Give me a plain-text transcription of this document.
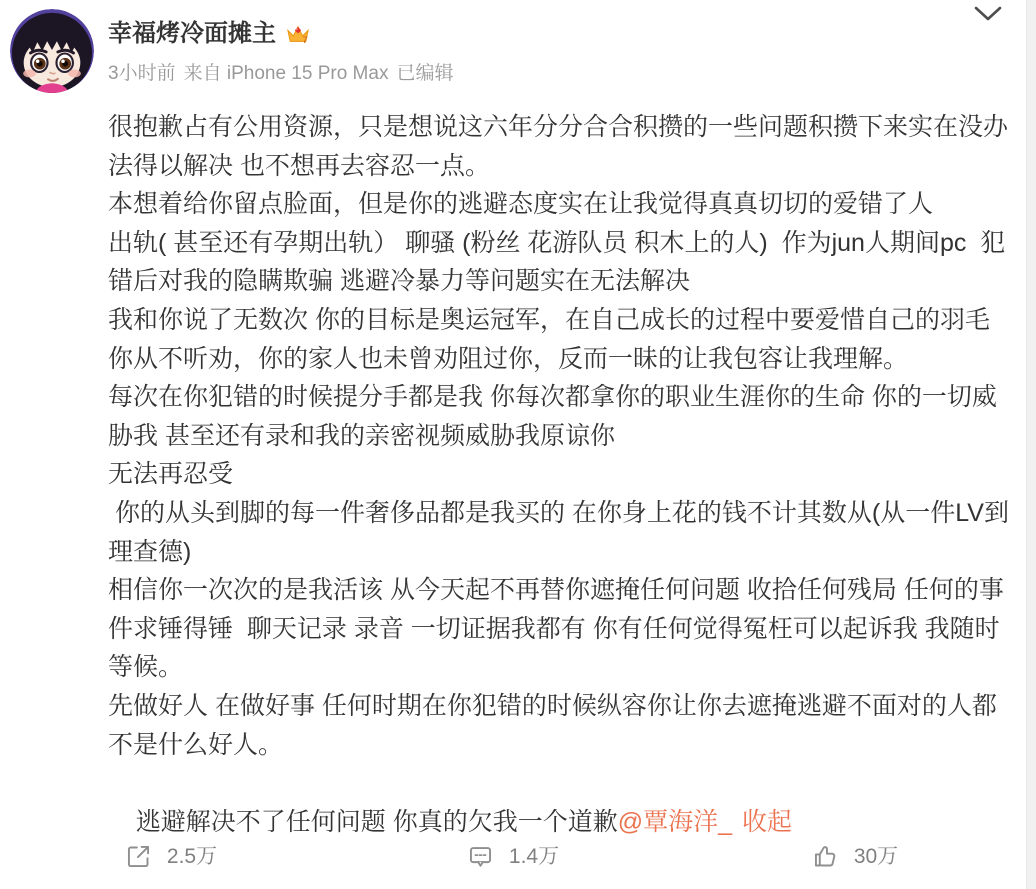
幸福烤冷面摊主	7
3小时前 来自 iPhone 15 Pro Max 已编辑
很抱歉占有公用资源，只是想说这六年分分合合积攒的一些问题积攒下来实在没办
法得以解决 也不想再去容忍一点。
本想着给你留点脸面，但是你的逃避态度实在让我觉得真真切切的爱错了人
出轨( 甚至还有孕期出轨） 聊骚 (粉丝 花游队员 积木上的人)  作为jun人期间pc  犯
错后对我的隐瞒欺骗 逃避冷暴力等问题实在无法解决
我和你说了无数次 你的目标是奥运冠军，在自己成长的过程中要爱惜自己的羽毛
你从不听劝，你的家人也未曾劝阻过你，反而一昧的让我包容让我理解。
每次在你犯错的时候提分手都是我 你每次都拿你的职业生涯你的生命 你的一切威
胁我 甚至还有录和我的亲密视频威胁我原谅你
无法再忍受
你的从头到脚的每一件奢侈品都是我买的 在你身上花的钱不计其数从(从一件LV到
理查德)
相信你一次次的是我活该 从今天起不再替你遮掩任何问题 收拾任何残局 任何的事
件求锤得锤  聊天记录 录音 一切证据我都有 你有任何觉得冤枉可以起诉我 我随时
等候。
先做好人 在做好事 任何时期在你犯错的时候纵容你让你去遮掩逃避不面对的人都
不是什么好人。

逃避解决不了任何问题 你真的欠我一个道歉@覃海洋_ 收起

2.5万	1.4万	30万
